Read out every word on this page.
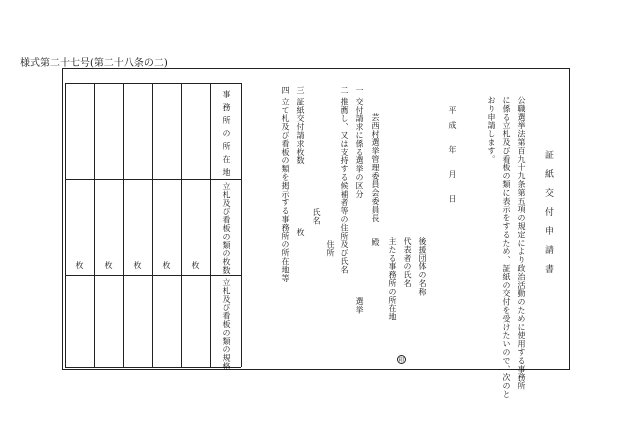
様式第二十七号(第二十八条の二)
証紙交付申請書
公職選挙法第百九十九条第五項の規定により政治活動のために使用する事務所
に係る立札及び看板の類に表示をするため、証紙の交付を受けたいので、次のと
おり申請します。
平成 年 月 日
後援団体の名称
代表者の氏名
主たる事務所の所在地
印
芸西村選挙管理委員会委員長
殿
一 交付請求に係る選挙の区分
選挙
二 推薦し、又は支持する候補者等の住所及び氏名
住所
氏名
三 証紙交付請求枚数
枚
四 立て札及び看板の類を掲示する事務所の所在地等
事務所の所在地
立札及び看板の類の枚数
立札及び看板の類の規格
枚
枚
枚
枚
枚
